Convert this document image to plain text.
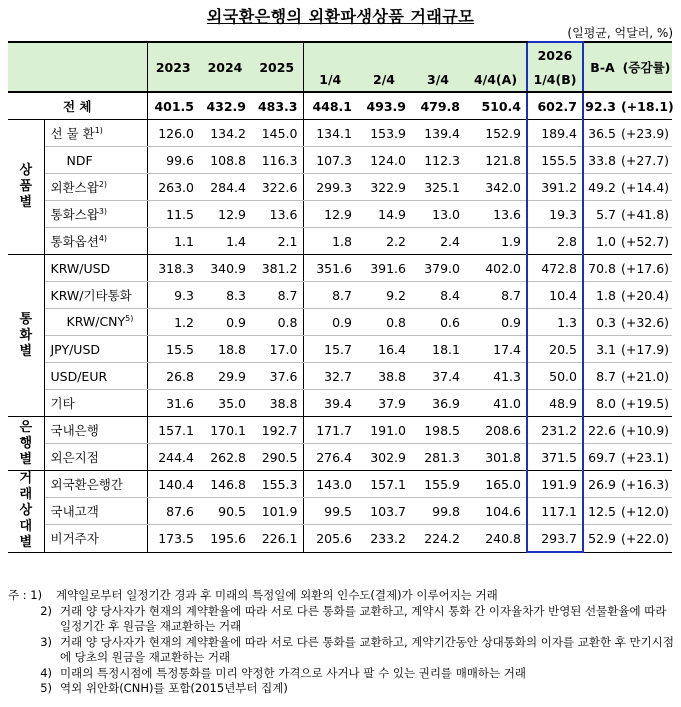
외국환은행의 외환파생상품 거래규모
(일평균, 억달러, %)
		2023	2024	2025					2026	B-A	(증감률)
					1/4	2/4	3/4	4/4(A)	1/4(B)		
전 체		401.5	432.9	483.3	448.1	493.9	479.8	510.4	602.7	92.3	(+18.1)
상품별	선 물 환$^{1)}$	126.0	134.2	145.0	134.1	153.9	139.4	152.9	189.4	36.5	(+23.9)
	NDF	99.6	108.8	116.3	107.3	124.0	112.3	121.8	155.5	33.8	(+27.7)
	외환스왑$^{2)}$	263.0	284.4	322.6	299.3	322.9	325.1	342.0	391.2	49.2	(+14.4)
	통화스왑$^{3)}$	11.5	12.9	13.6	12.9	14.9	13.0	13.6	19.3	5.7	(+41.8)
	통화옵션$^{4)}$	1.1	1.4	2.1	1.8	2.2	2.4	1.9	2.8	1.0	(+52.7)
통화별	KRW/USD	318.3	340.9	381.2	351.6	391.6	379.0	402.0	472.8	70.8	(+17.6)
	KRW/기타통화	9.3	8.3	8.7	8.7	9.2	8.4	8.7	10.4	1.8	(+20.4)
	KRW/CNY$^{5)}$	1.2	0.9	0.8	0.9	0.8	0.6	0.9	1.3	0.3	(+32.6)
	JPY/USD	15.5	18.8	17.0	15.7	16.4	18.1	17.4	20.5	3.1	(+17.9)
	USD/EUR	26.8	29.9	37.6	32.7	38.8	37.4	41.3	50.0	8.7	(+21.0)
	기타	31.6	35.0	38.8	39.4	37.9	36.9	41.0	48.9	8.0	(+19.5)
은행별	국내은행	157.1	170.1	192.7	171.7	191.0	198.5	208.6	231.2	22.6	(+10.9)
	외은지점	244.4	262.8	290.5	276.4	302.9	281.3	301.8	371.5	69.7	(+23.1)
거래상대별	외국환은행간	140.4	146.8	155.3	143.0	157.1	155.9	165.0	191.9	26.9	(+16.3)
	국내고객	87.6	90.5	101.9	99.5	103.7	99.8	104.6	117.1	12.5	(+12.0)
	비거주자	173.5	195.6	226.1	205.6	233.2	224.2	240.8	293.7	52.9	(+22.0)
주 : 1)	계약일로부터 일정기간 경과 후 미래의 특정일에 외환의 인수도(결제)가 이루어지는 거래
2) 거래 양 당사자가 현재의 계약환율에 따라 서로 다른 통화를 교환하고, 계약시 통화 간 이자율차가 반영된 선물환율에 따라 일정기간 후 원금을 재교환하는 거래
3) 거래 양 당사자가 현재의 계약환율에 따라 서로 다른 통화를 교환하고, 계약기간동안 상대통화의 이자를 교환한 후 만기시점에 당초의 원금을 재교환하는 거래
4) 미래의 특정시점에 특정통화를 미리 약정한 가격으로 사거나 팔 수 있는 권리를 매매하는 거래
5) 역외 위안화(CNH)를 포함(2015년부터 집계)
